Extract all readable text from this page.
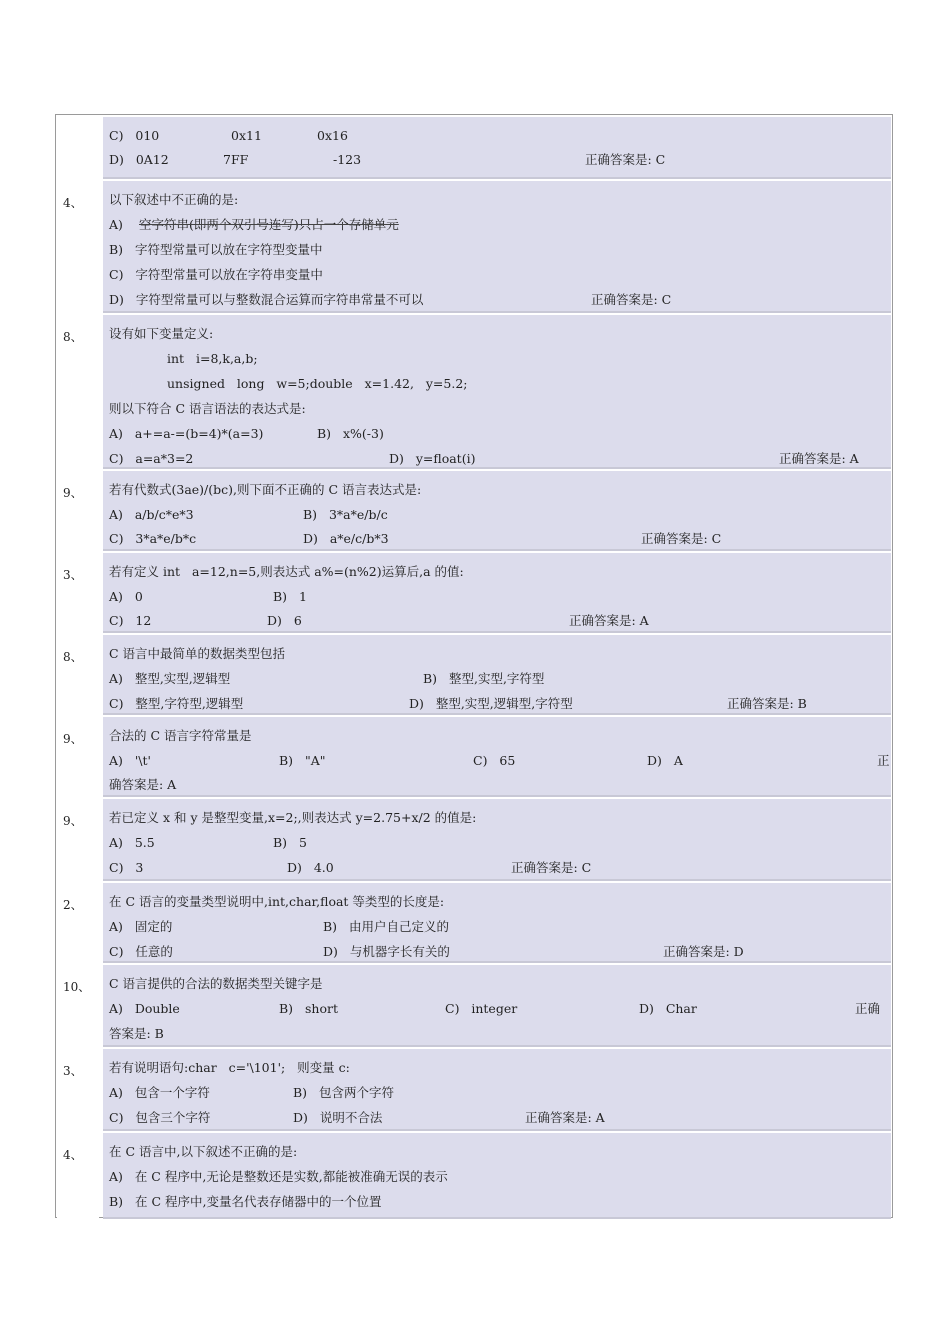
C)   010	0x11	0x16
D)   0A12	7FF	-123	正确答案是: C
4、	以下叙述中不正确的是:
A) 空字符串(即两个双引号连写)只占一个存储单元
B)   字符型常量可以放在字符型变量中
C)   字符型常量可以放在字符串变量中
D)   字符型常量可以与整数混合运算而字符串常量不可以	正确答案是: C
8、	设有如下变量定义:
int   i=8,k,a,b;
unsigned   long   w=5;double   x=1.42,   y=5.2;
则以下符合 C 语言语法的表达式是:
A)   a+=a-=(b=4)*(a=3)	B)   x%(-3)
C)   a=a*3=2	D)   y=float(i)	正确答案是: A
9、	若有代数式(3ae)/(bc),则下面不正确的 C 语言表达式是:
A)   a/b/c*e*3	B)   3*a*e/b/c
C)   3*a*e/b*c	D)   a*e/c/b*3	正确答案是: C
3、	若有定义 int   a=12,n=5,则表达式 a%=(n%2)运算后,a 的值:
A)   0	B)   1
C)   12	D)   6	正确答案是: A
8、	C 语言中最简单的数据类型包括
A)   整型,实型,逻辑型	B)   整型,实型,字符型
C)   整型,字符型,逻辑型	D)   整型,实型,逻辑型,字符型	正确答案是: B
9、	合法的 C 语言字符常量是
A)   '\t'	B)   "A"	C)   65	D)   A	正
确答案是: A
9、	若已定义 x 和 y 是整型变量,x=2;,则表达式 y=2.75+x/2 的值是:
A)   5.5	B)   5
C)   3	D)   4.0	正确答案是: C
2、	在 C 语言的变量类型说明中,int,char,float 等类型的长度是:
A)   固定的	B)   由用户自己定义的
C)   任意的	D)   与机器字长有关的	正确答案是: D
10、	C 语言提供的合法的数据类型关键字是
A)   Double	B)   short	C)   integer	D)   Char	正确
答案是: B
3、	若有说明语句:char   c='\101';   则变量 c:
A)   包含一个字符	B)   包含两个字符
C)   包含三个字符	D)   说明不合法	正确答案是: A
4、	在 C 语言中,以下叙述不正确的是:
A)   在 C 程序中,无论是整数还是实数,都能被准确无误的表示
B)   在 C 程序中,变量名代表存储器中的一个位置
